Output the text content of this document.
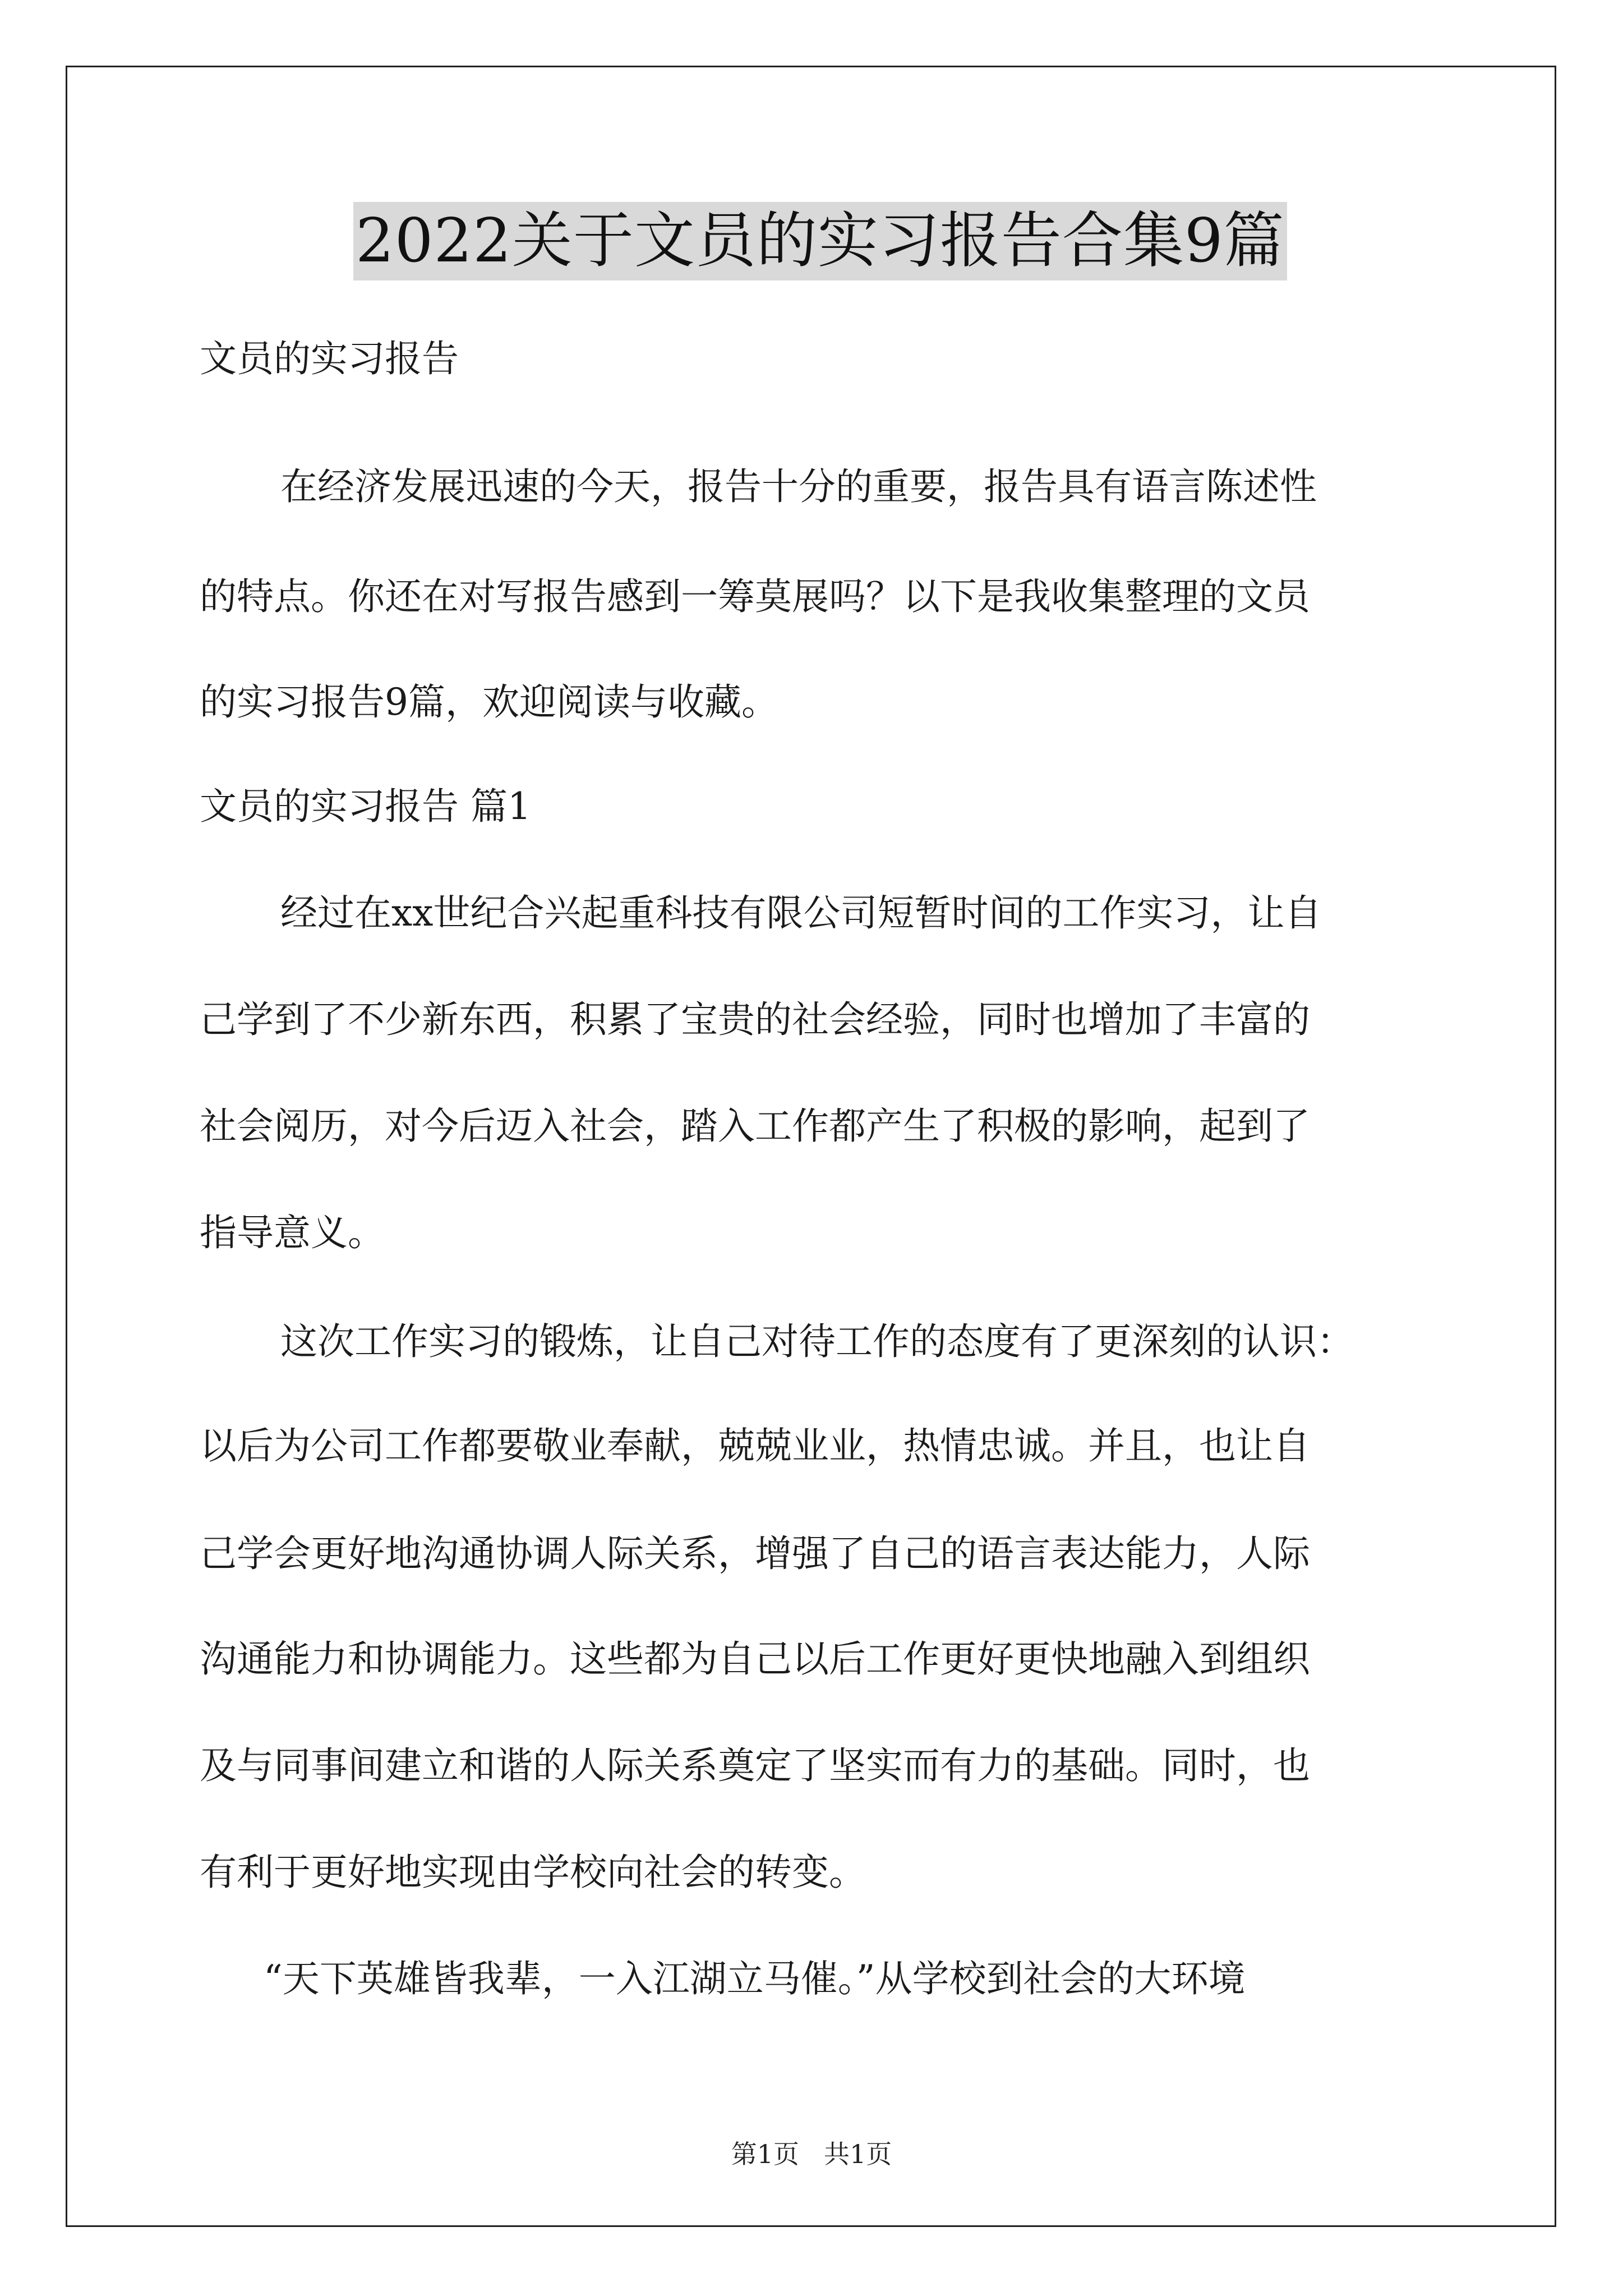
2022关于文员的实习报告合集9篇
文员的实习报告
在经济发展迅速的今天，报告十分的重要，报告具有语言陈述性
的特点。你还在对写报告感到一筹莫展吗？以下是我收集整理的文员
的实习报告9篇，欢迎阅读与收藏。
文员的实习报告 篇1
经过在xx世纪合兴起重科技有限公司短暂时间的工作实习，让自
己学到了不少新东西，积累了宝贵的社会经验，同时也增加了丰富的
社会阅历，对今后迈入社会，踏入工作都产生了积极的影响，起到了
指导意义。
这次工作实习的锻炼，让自己对待工作的态度有了更深刻的认识：
以后为公司工作都要敬业奉献，兢兢业业，热情忠诚。并且，也让自
己学会更好地沟通协调人际关系，增强了自己的语言表达能力，人际
沟通能力和协调能力。这些都为自己以后工作更好更快地融入到组织
及与同事间建立和谐的人际关系奠定了坚实而有力的基础。同时，也
有利于更好地实现由学校向社会的转变。
“天下英雄皆我辈，一入江湖立马催。”从学校到社会的大环境
第1页 共1页
